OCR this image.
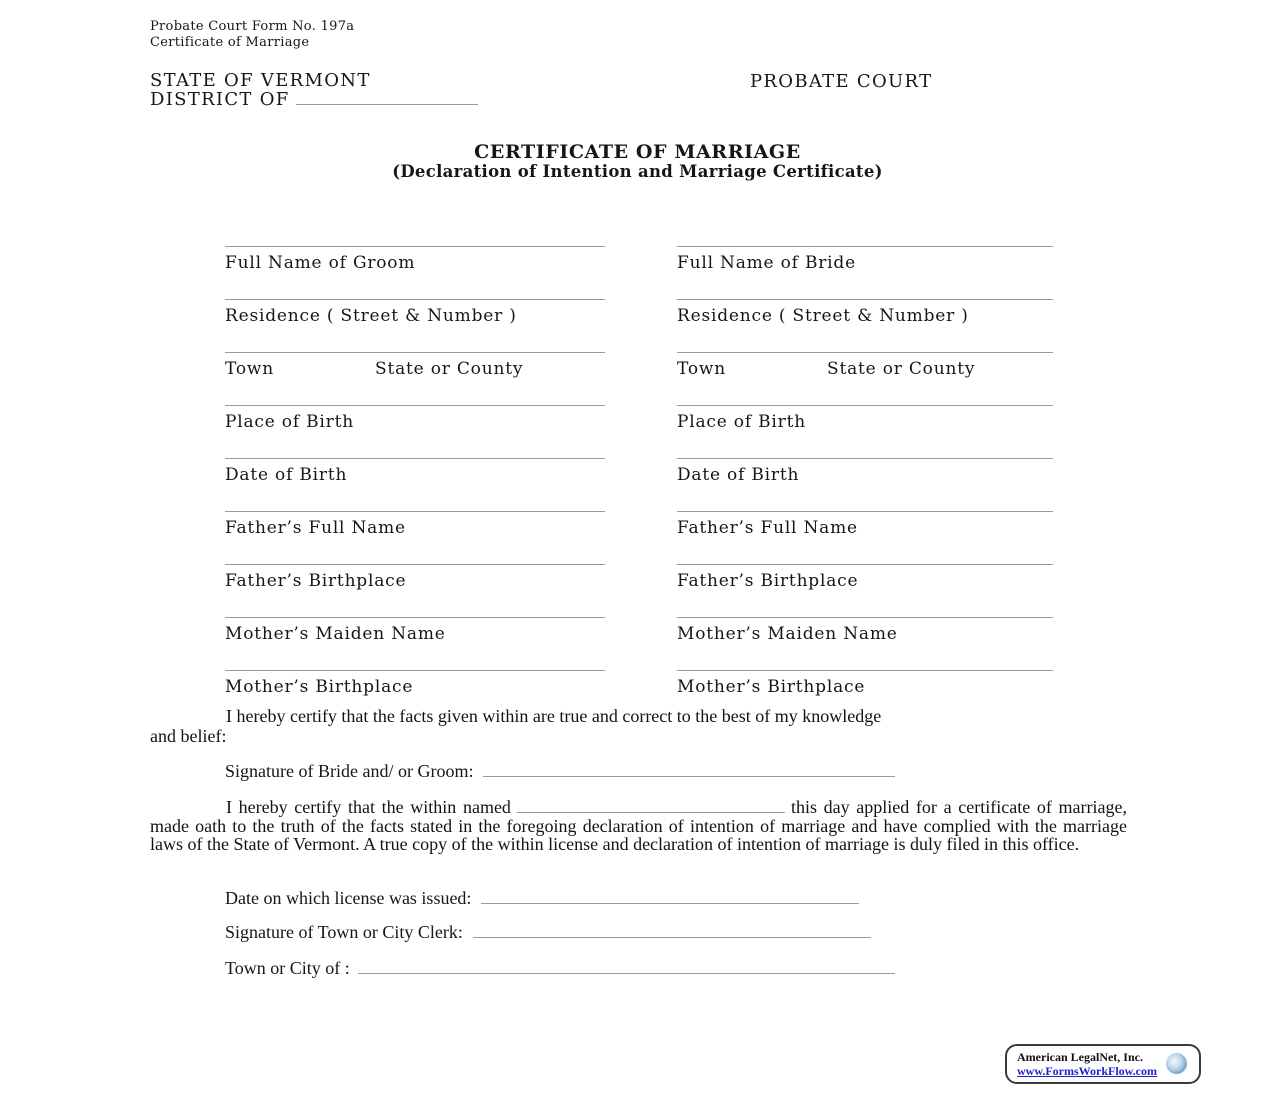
Probate Court Form No. 197a
Certificate of Marriage
STATE OF VERMONT
DISTRICT OF
PROBATE COURT
CERTIFICATE OF MARRIAGE
(Declaration of Intention and Marriage Certificate)
Full Name of Groom	Full Name of Bride
Residence ( Street & Number )	Residence ( Street & Number )
Town	State or County	Town	State or County
Place of Birth	Place of Birth
Date of Birth	Date of Birth
Father’s Full Name	Father’s Full Name
Father’s Birthplace	Father’s Birthplace
Mother’s Maiden Name	Mother’s Maiden Name
Mother’s Birthplace	Mother’s Birthplace
I hereby certify that the facts given within are true and correct to the best of my knowledge
and belief:
Signature of Bride and/ or Groom:
I hereby certify that the within named	this day applied for a certificate of marriage, made oath to the truth of the facts stated in the foregoing declaration of intention of marriage and have complied with the marriage laws of the State of Vermont. A true copy of the within license and declaration of intention of marriage is duly filed in this office.
Date on which license was issued:
Signature of Town or City Clerk:
Town or City of :
American LegalNet, Inc.
www.FormsWorkFlow.com
